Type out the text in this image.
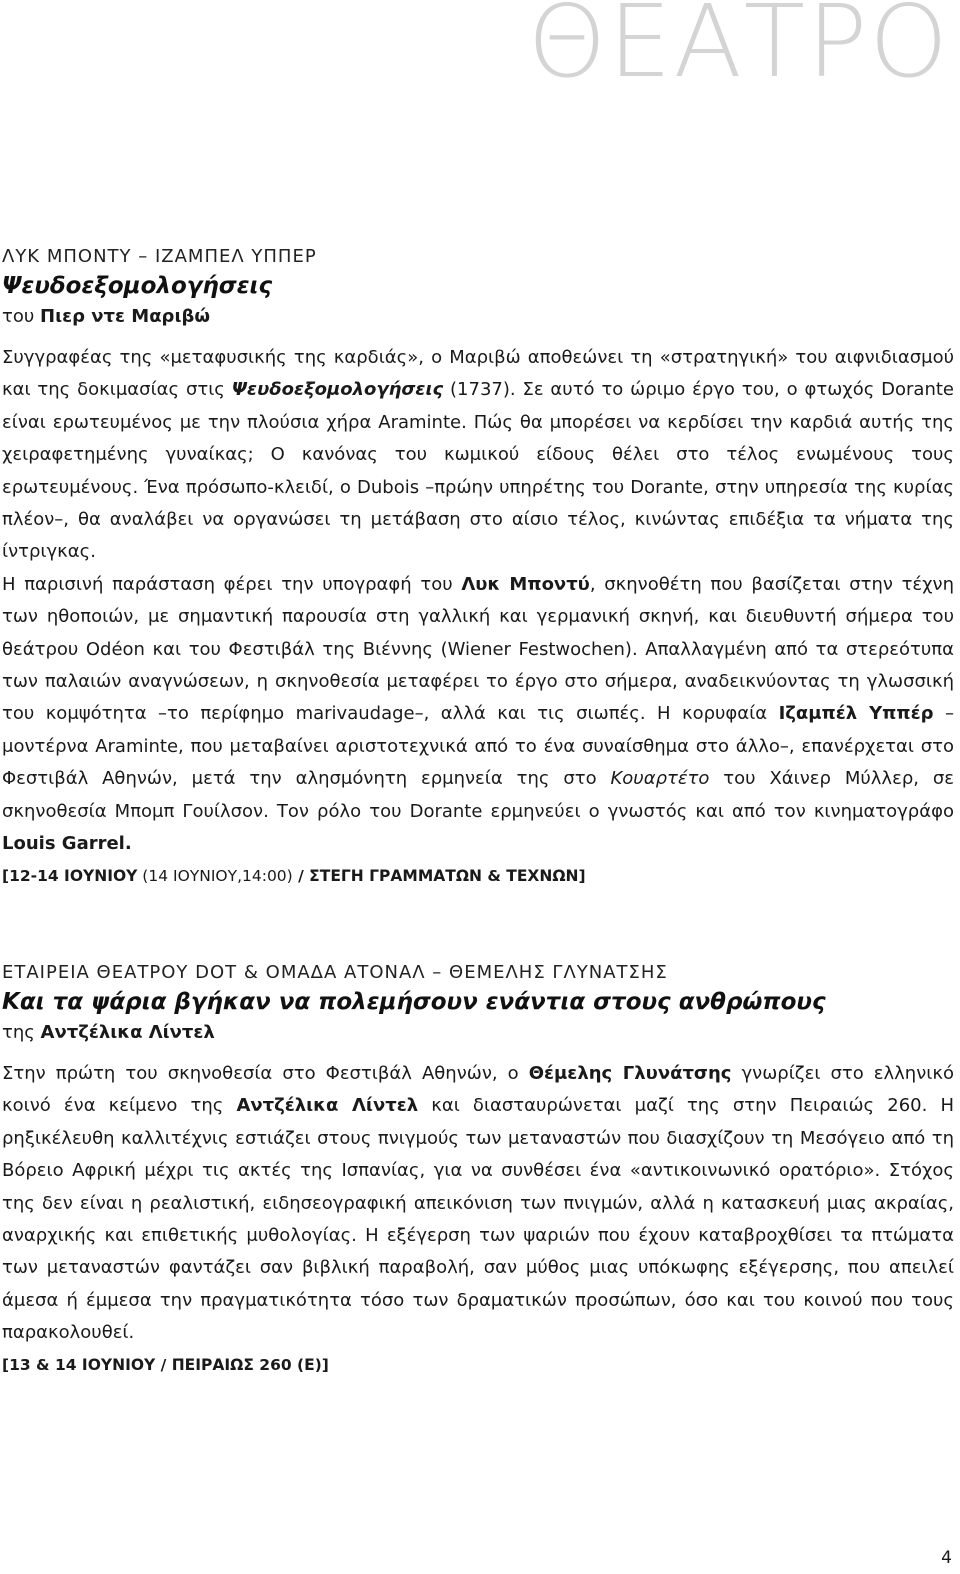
ΘΕΑΤΡΟ
ΛΥΚ ΜΠΟΝΤΥ – ΙΖΑΜΠΕΛ ΥΠΠΕΡ
Ψευδοεξομολογήσεις
του Πιερ ντε Μαριβώ

Συγγραφέας της «μεταφυσικής της καρδιάς», ο Μαριβώ αποθεώνει τη «στρατηγική» του αιφνιδιασμού και της δοκιμασίας στις Ψευδοεξομολογήσεις (1737). Σε αυτό το ώριμο έργο του, ο φτωχός Dorante είναι ερωτευμένος με την πλούσια χήρα Araminte. Πώς θα μπορέσει να κερδίσει την καρδιά αυτής της χειραφετημένης γυναίκας; Ο κανόνας του κωμικού είδους θέλει στο τέλος ενωμένους τους ερωτευμένους. Ένα πρόσωπο-κλειδί, ο Dubois –πρώην υπηρέτης του Dorante, στην υπηρεσία της κυρίας πλέον–, θα αναλάβει να οργανώσει τη μετάβαση στο αίσιο τέλος, κινώντας επιδέξια τα νήματα της ίντριγκας.

Η παρισινή παράσταση φέρει την υπογραφή του Λυκ Μποντύ, σκηνοθέτη που βασίζεται στην τέχνη των ηθοποιών, με σημαντική παρουσία στη γαλλική και γερμανική σκηνή, και διευθυντή σήμερα του θεάτρου Odéon και του Φεστιβάλ της Βιέννης (Wiener Festwochen). Απαλλαγμένη από τα στερεότυπα των παλαιών αναγνώσεων, η σκηνοθεσία μεταφέρει το έργο στο σήμερα, αναδεικνύοντας τη γλωσσική του κομψότητα –το περίφημο marivaudage–, αλλά και τις σιωπές. Η κορυφαία Ιζαμπέλ Υππέρ –μοντέρνα Araminte, που μεταβαίνει αριστοτεχνικά από το ένα συναίσθημα στο άλλο–, επανέρχεται στο Φεστιβάλ Αθηνών, μετά την αλησμόνητη ερμηνεία της στο Κουαρτέτο του Χάινερ Μύλλερ, σε σκηνοθεσία Μπομπ Γουίλσον. Τον ρόλο του Dorante ερμηνεύει ο γνωστός και από τον κινηματογράφο Louis Garrel.

[12-14 ΙΟΥΝΙΟΥ (14 ΙΟΥΝΙΟΥ,14:00) / ΣΤΕΓΗ ΓΡΑΜΜΑΤΩΝ & ΤΕΧΝΩΝ]
ΕΤΑΙΡΕΙΑ ΘΕΑΤΡΟΥ DOT & ΟΜΑΔΑ ΑΤΟΝΑΛ – ΘΕΜΕΛΗΣ ΓΛΥΝΑΤΣΗΣ
Και τα ψάρια βγήκαν να πολεμήσουν ενάντια στους ανθρώπους
της Αντζέλικα Λίντελ

Στην πρώτη του σκηνοθεσία στο Φεστιβάλ Αθηνών, ο Θέμελης Γλυνάτσης γνωρίζει στο ελληνικό κοινό ένα κείμενο της Αντζέλικα Λίντελ και διασταυρώνεται μαζί της στην Πειραιώς 260. Η ρηξικέλευθη καλλιτέχνις εστιάζει στους πνιγμούς των μεταναστών που διασχίζουν τη Μεσόγειο από τη Βόρειο Αφρική μέχρι τις ακτές της Ισπανίας, για να συνθέσει ένα «αντικοινωνικό ορατόριο». Στόχος της δεν είναι η ρεαλιστική, ειδησεογραφική απεικόνιση των πνιγμών, αλλά η κατασκευή μιας ακραίας, αναρχικής και επιθετικής μυθολογίας. Η εξέγερση των ψαριών που έχουν καταβροχθίσει τα πτώματα των μεταναστών φαντάζει σαν βιβλική παραβολή, σαν μύθος μιας υπόκωφης εξέγερσης, που απειλεί άμεσα ή έμμεσα την πραγματικότητα τόσο των δραματικών προσώπων, όσο και του κοινού που τους παρακολουθεί.

[13 & 14 ΙΟΥΝΙΟΥ / ΠΕΙΡΑΙΩΣ 260 (Ε)]
4
